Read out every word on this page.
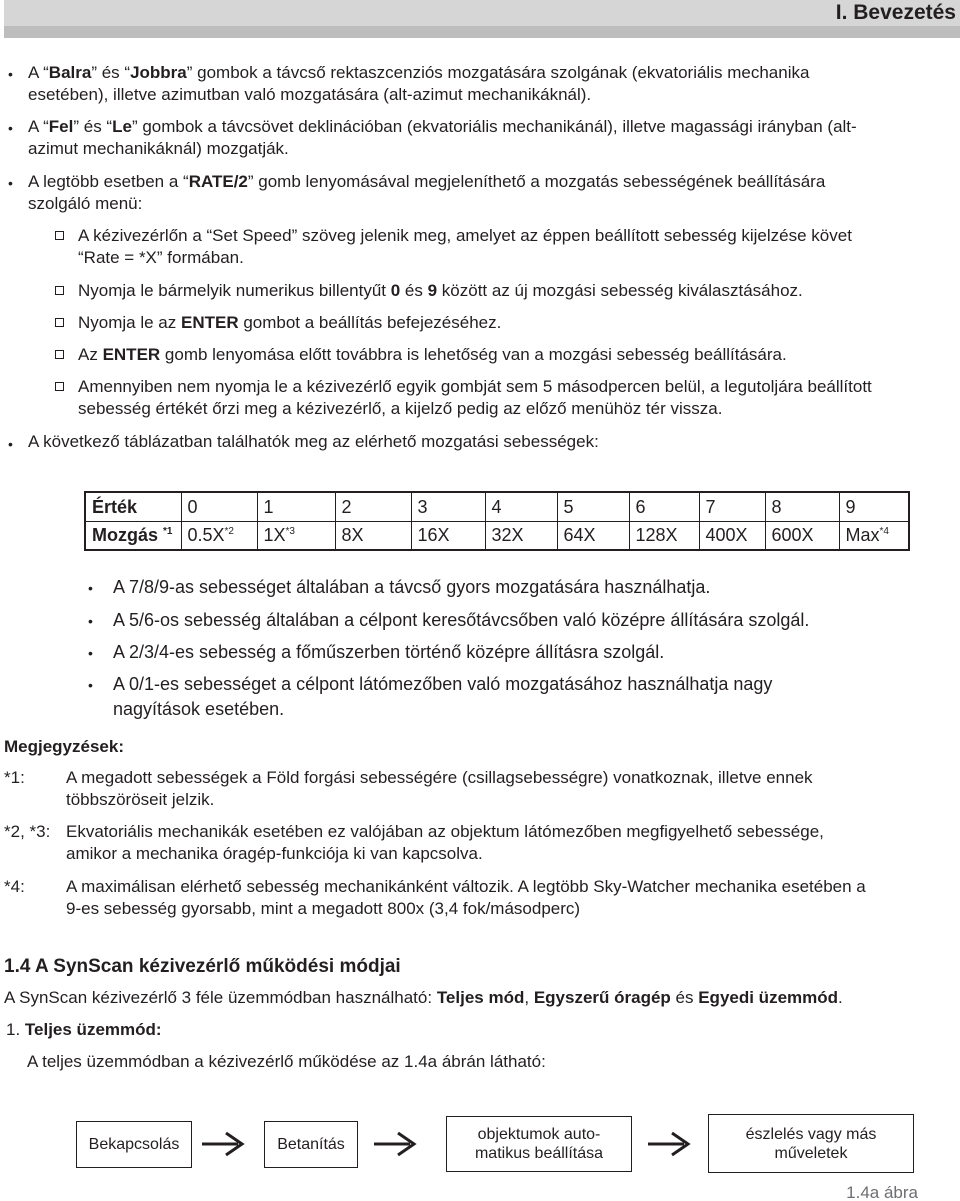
I. Bevezetés
• A “Balra” és “Jobbra” gombok a távcső rektaszcenziós mozgatására szolgának (ekvatoriális mechanika
esetében), illetve azimutban való mozgatására (alt-azimut mechanikáknál).
• A “Fel” és “Le” gombok a távcsövet deklinációban (ekvatoriális mechanikánál), illetve magassági irányban (alt-
azimut mechanikáknál) mozgatják.
• A legtöbb esetben a “RATE/2” gomb lenyomásával megjeleníthető a mozgatás sebességének beállítására
szolgáló menü:
A kézivezérlőn a “Set Speed” szöveg jelenik meg, amelyet az éppen beállított sebesség kijelzése követ
“Rate = *X” formában.
Nyomja le bármelyik numerikus billentyűt 0 és 9 között az új mozgási sebesség kiválasztásához.
Nyomja le az ENTER gombot a beállítás befejezéséhez.
Az ENTER gomb lenyomása előtt továbbra is lehetőség van a mozgási sebesség beállítására.
Amennyiben nem nyomja le a kézivezérlő egyik gombját sem 5 másodpercen belül, a legutoljára beállított
sebesség értékét őrzi meg a kézivezérlő, a kijelző pedig az előző menühöz tér vissza.
• A következő táblázatban találhatók meg az elérhető mozgatási sebességek:
Érték	0	1	2	3	4	5	6	7	8	9
Mozgás $^{*1}$	$0.5X^{*2}$	$1X^{*3}$	8X	16X	32X	64X	128X	400X	600X	Max$^{*4}$
• A 7/8/9-as sebességet általában a távcső gyors mozgatására használhatja.
• A 5/6-os sebesség általában a célpont keresőtávcsőben való középre állítására szolgál.
• A 2/3/4-es sebesség a főműszerben történő középre állításra szolgál.
• A 0/1-es sebességet a célpont látómezőben való mozgatásához használhatja nagy
nagyítások esetében.
Megjegyzések:
*1: A megadott sebességek a Föld forgási sebességére (csillagsebességre) vonatkoznak, illetve ennek
többszöröseit jelzik.
*2, *3: Ekvatoriális mechanikák esetében ez valójában az objektum látómezőben megfigyelhető sebessége,
amikor a mechanika óragép-funkciója ki van kapcsolva.
*4: A maximálisan elérhető sebesség mechanikánként változik. A legtöbb Sky-Watcher mechanika esetében a
9-es sebesség gyorsabb, mint a megadott 800x (3,4 fok/másodperc)
1.4 A SynScan kézivezérlő működési módjai
A SynScan kézivezérlő 3 féle üzemmódban használható: Teljes mód, Egyszerű óragép és Egyedi üzemmód.
1. Teljes üzemmód:
A teljes üzemmódban a kézivezérlő működése az 1.4a ábrán látható:
Bekapcsolás	Betanítás
objektumok auto-
matikus beállítása
észlelés vagy más
műveletek
1.4a ábra
